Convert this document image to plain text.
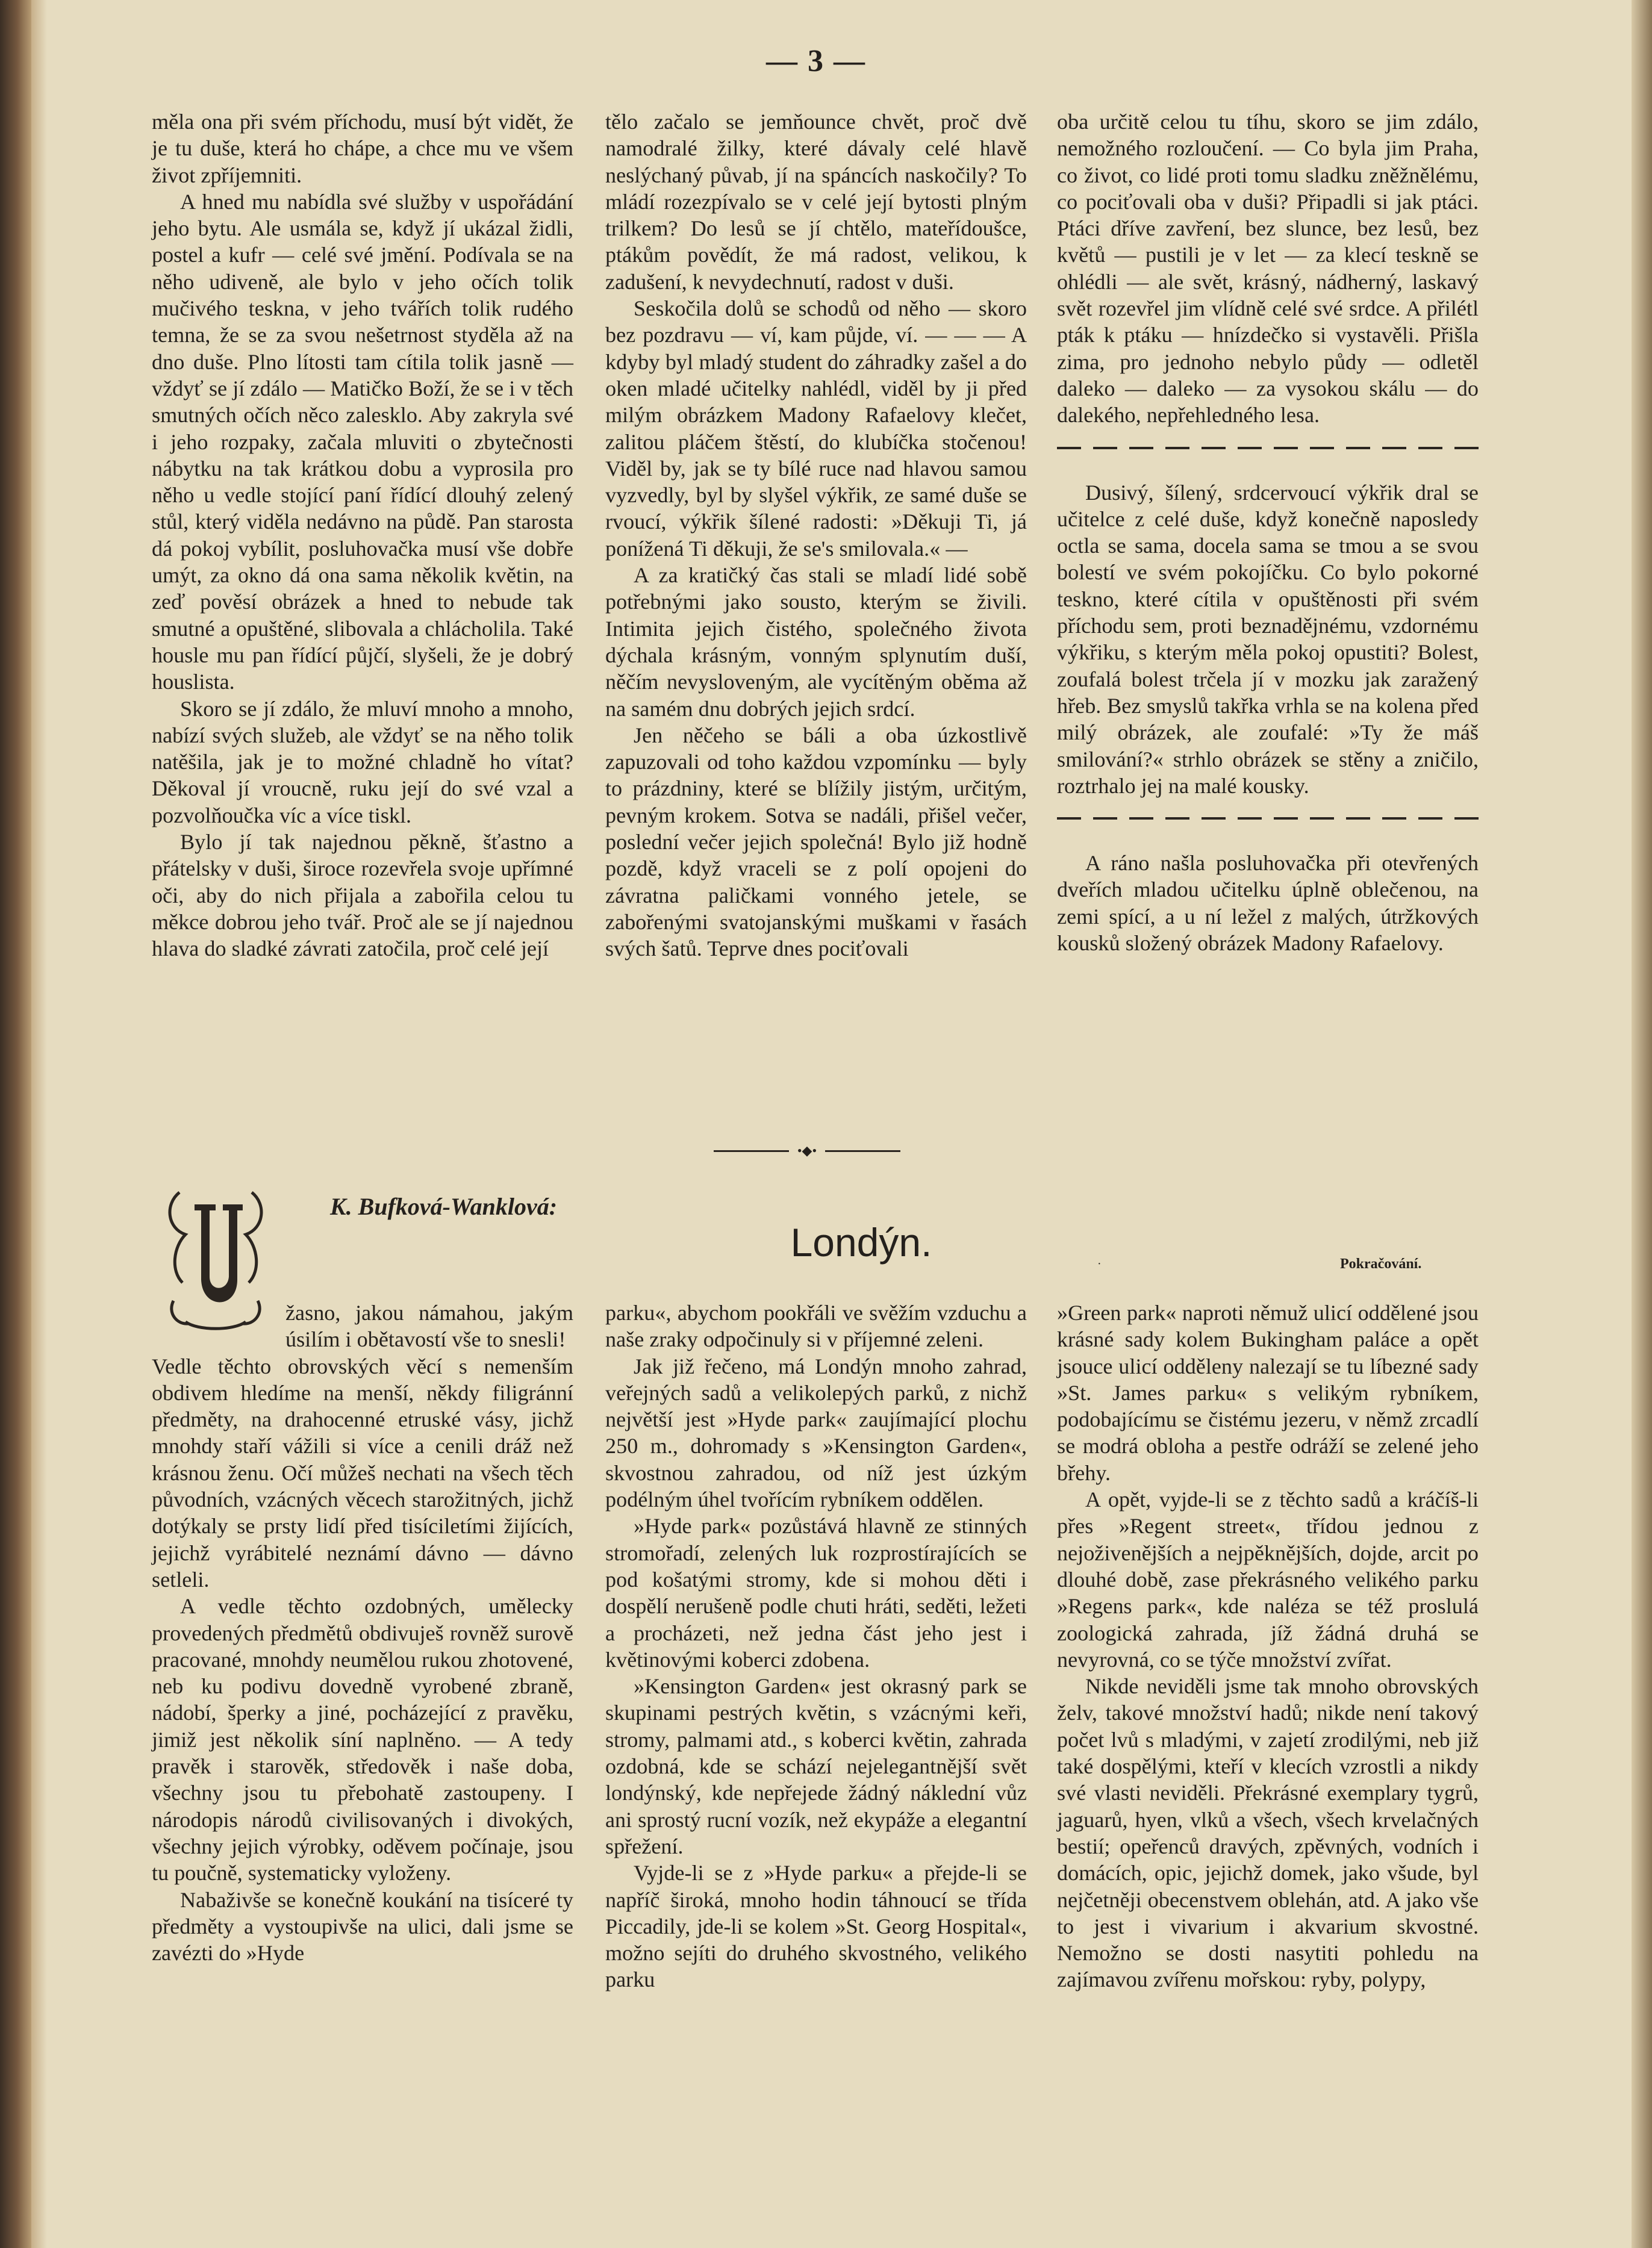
— 3 —

měla ona při svém příchodu, musí být vidět, že je tu duše, která ho chápe, a chce mu ve všem život zpříjemniti.

A hned mu nabídla své služby v uspořádání jeho bytu. Ale usmála se, když jí ukázal židli, postel a kufr — celé své jmění. Podívala se na něho udiveně, ale bylo v jeho očích tolik mučivého teskna, v jeho tvářích tolik rudého temna, že se za svou nešetrnost styděla až na dno duše. Plno lítosti tam cítila tolik jasně — vždyť se jí zdálo — Matičko Boží, že se i v těch smutných očích něco zalesklo. Aby zakryla své i jeho rozpaky, začala mluviti o zbytečnosti nábytku na tak krátkou dobu a vyprosila pro něho u vedle stojící paní řídící dlouhý zelený stůl, který viděla nedávno na půdě. Pan starosta dá pokoj vybílit, posluhovačka musí vše dobře umýt, za okno dá ona sama několik květin, na zeď pověsí obrázek a hned to nebude tak smutné a opuštěné, slibovala a chlácholila. Také housle mu pan řídící půjčí, slyšeli, že je dobrý houslista.

Skoro se jí zdálo, že mluví mnoho a mnoho, nabízí svých služeb, ale vždyť se na něho tolik natěšila, jak je to možné chladně ho vítat? Děkoval jí vroucně, ruku její do své vzal a pozvolňoučka víc a více tiskl.

Bylo jí tak najednou pěkně, šťastno a přátelsky v duši, široce rozevřela svoje upřímné oči, aby do nich přijala a zabořila celou tu měkce dobrou jeho tvář. Proč ale se jí najednou hlava do sladké závrati zatočila, proč celé její

tělo začalo se jemňounce chvět, proč dvě namodralé žilky, které dávaly celé hlavě neslýchaný půvab, jí na spáncích naskočily? To mládí rozezpívalo se v celé její bytosti plným trilkem? Do lesů se jí chtělo, mateřídoušce, ptákům povědít, že má radost, velikou, k zadušení, k nevydechnutí, radost v duši.

Seskočila dolů se schodů od něho — skoro bez pozdravu — ví, kam půjde, ví. — — — A kdyby byl mladý student do záhradky zašel a do oken mladé učitelky nahlédl, viděl by ji před milým obrázkem Madony Rafaelovy klečet, zalitou pláčem štěstí, do klubíčka stočenou! Viděl by, jak se ty bílé ruce nad hlavou samou vyzvedly, byl by slyšel výkřik, ze samé duše se rvoucí, výkřik šílené radosti: »Děkuji Ti, já ponížená Ti děkuji, že se's smilovala.« —

A za kratičký čas stali se mladí lidé sobě potřebnými jako sousto, kterým se živili. Intimita jejich čistého, společného života dýchala krásným, vonným splynutím duší, něčím nevysloveným, ale vycítěným oběma až na samém dnu dobrých jejich srdcí.

Jen něčeho se báli a oba úzkostlivě zapuzovali od toho každou vzpomínku — byly to prázdniny, které se blížily jistým, určitým, pevným krokem. Sotva se nadáli, přišel večer, poslední večer jejich společná! Bylo již hodně pozdě, když vraceli se z polí opojeni do závratna paličkami vonného jetele, se zabořenými svatojanskými muškami v řasách svých šatů. Teprve dnes pociťovali

oba určitě celou tu tíhu, skoro se jim zdálo, nemožného rozloučení. — Co byla jim Praha, co život, co lidé proti tomu sladku zněžnělému, co pociťovali oba v duši? Připadli si jak ptáci. Ptáci dříve zavření, bez slunce, bez lesů, bez květů — pustili je v let — za klecí teskně se ohlédli — ale svět, krásný, nádherný, laskavý svět rozevřel jim vlídně celé své srdce. A přilétl pták k ptáku — hnízdečko si vystavěli. Přišla zima, pro jednoho nebylo půdy — odletěl daleko — daleko — za vysokou skálu — do dalekého, nepřehledného lesa.

Dusivý, šílený, srdcervoucí výkřik dral se učitelce z celé duše, když konečně naposledy octla se sama, docela sama se tmou a se svou bolestí ve svém pokojíčku. Co bylo pokorné teskno, které cítila v opuštěnosti při svém příchodu sem, proti beznadějnému, vzdornému výkřiku, s kterým měla pokoj opustiti? Bolest, zoufalá bolest trčela jí v mozku jak zaražený hřeb. Bez smyslů takřka vrhla se na kolena před milý obrázek, ale zoufalé: »Ty že máš smilování?« strhlo obrázek se stěny a zničilo, roztrhalo jej na malé kousky.

A ráno našla posluhovačka při otevřených dveřích mladou učitelku úplně oblečenou, na zemi spící, a u ní ležel z malých, útržkových kousků složený obrázek Madony Rafaelovy.

•◆•
K. Bufková-Wanklová:
Londýn.	·	Pokračování.
U

žasno, jakou námahou, jakým úsilím i obětavostí vše to snesli!

Vedle těchto obrovských věcí s nemenším obdivem hledíme na menší, někdy filigránní předměty, na drahocenné etruské vásy, jichž mnohdy staří vážili si více a cenili dráž než krásnou ženu. Očí můžeš nechati na všech těch původních, vzácných věcech starožitných, jichž dotýkaly se prsty lidí před tisíciletími žijících, jejichž vyrábitelé neznámí dávno — dávno setleli.

A vedle těchto ozdobných, umělecky provedených předmětů obdivuješ rovněž surově pracované, mnohdy neumělou rukou zhotovené, neb ku podivu dovedně vyrobené zbraně, nádobí, šperky a jiné, pocházející z pravěku, jimiž jest několik síní naplněno. — A tedy pravěk i starověk, středověk i naše doba, všechny jsou tu přebohatě zastoupeny. I národopis národů civilisovaných i divokých, všechny jejich výrobky, oděvem počínaje, jsou tu poučně, systematicky vyloženy.

Nabaživše se konečně koukání na tisíceré ty předměty a vystoupivše na ulici, dali jsme se zavézti do »Hyde

parku«, abychom pookřáli ve svěžím vzduchu a naše zraky odpočinuly si v příjemné zeleni.

Jak již řečeno, má Londýn mnoho zahrad, veřejných sadů a velikolepých parků, z nichž největší jest »Hyde park« zaujímající plochu 250 m., dohromady s »Kensington Garden«, skvostnou zahradou, od níž jest úzkým podélným úhel tvořícím rybníkem oddělen.

»Hyde park« pozůstává hlavně ze stinných stromořadí, zelených luk rozprostírajících se pod košatými stromy, kde si mohou děti i dospělí nerušeně podle chuti hráti, seděti, ležeti a procházeti, než jedna část jeho jest i květinovými koberci zdobena.

»Kensington Garden« jest okrasný park se skupinami pestrých květin, s vzácnými keři, stromy, palmami atd., s koberci květin, zahrada ozdobná, kde se schází nejelegantnější svět londýnský, kde nepřejede žádný náklední vůz ani sprostý rucní vozík, než ekypáže a elegantní spřežení.

Vyjde-li se z »Hyde parku« a přejde-li se napříč široká, mnoho hodin táhnoucí se třída Piccadily, jde-li se kolem »St. Georg Hospital«, možno sejíti do druhého skvostného, velikého parku

»Green park« naproti němuž ulicí oddělené jsou krásné sady kolem Bukingham paláce a opět jsouce ulicí odděleny nalezají se tu líbezné sady »St. James parku« s velikým rybníkem, podobajícímu se čistému jezeru, v němž zrcadlí se modrá obloha a pestře odráží se zelené jeho břehy.

A opět, vyjde-li se z těchto sadů a kráčíš-li přes »Regent street«, třídou jednou z nejoživenějších a nejpěknějších, dojde, arcit po dlouhé době, zase překrásného velikého parku »Regens park«, kde naléza se též proslulá zoologická zahrada, jíž žádná druhá se nevyrovná, co se týče množství zvířat.

Nikde neviděli jsme tak mnoho obrovských želv, takové množství hadů; nikde není takový počet lvů s mladými, v zajetí zrodilými, neb již také dospělými, kteří v klecích vzrostli a nikdy své vlasti neviděli. Překrásné exemplary tygrů, jaguarů, hyen, vlků a všech, všech krvelačných bestií; opeřenců dravých, zpěvných, vodních i domácích, opic, jejichž domek, jako všude, byl nejčetněji obecenstvem oblehán, atd. A jako vše to jest i vivarium i akvarium skvostné. Nemožno se dosti nasytiti pohledu na zajímavou zvířenu mořskou: ryby, polypy,
